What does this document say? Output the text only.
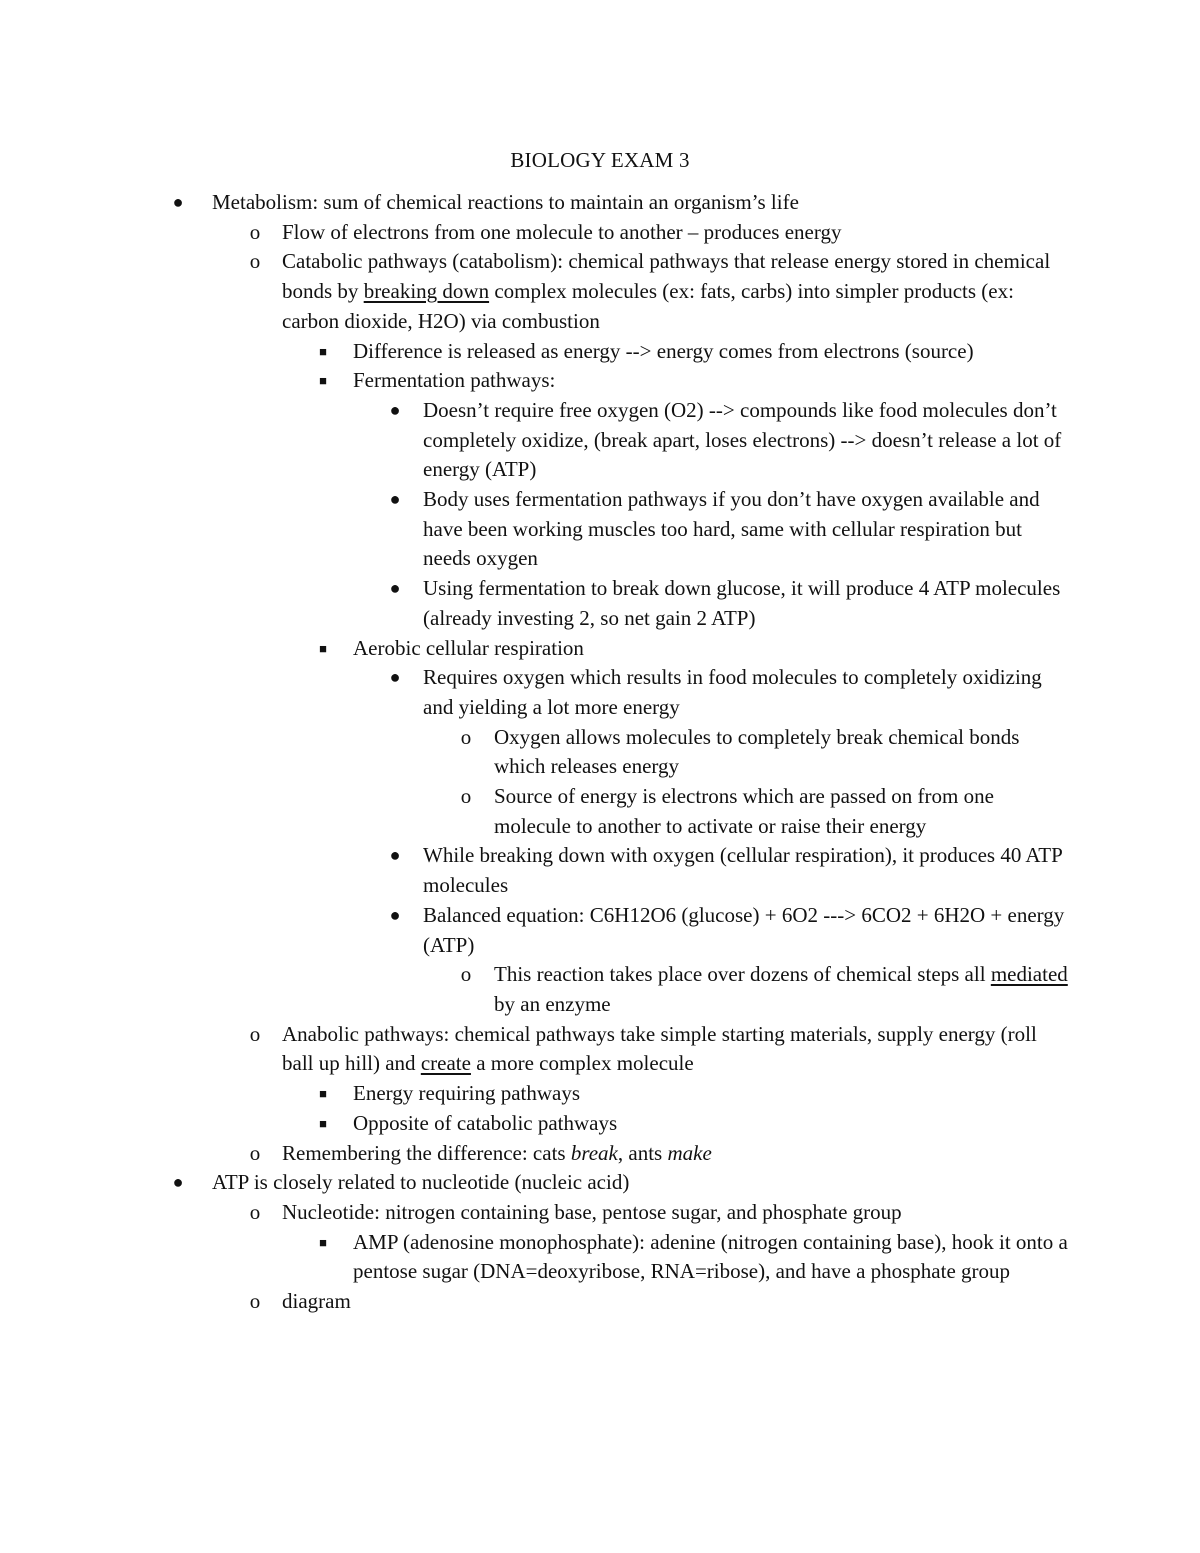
BIOLOGY EXAM 3
● Metabolism: sum of chemical reactions to maintain an organism’s life
o Flow of electrons from one molecule to another – produces energy
o Catabolic pathways (catabolism): chemical pathways that release energy stored in chemical bonds by breaking down complex molecules (ex: fats, carbs) into simpler products (ex: carbon dioxide, H2O) via combustion
■ Difference is released as energy --> energy comes from electrons (source)
■ Fermentation pathways:
● Doesn’t require free oxygen (O2) --> compounds like food molecules don’t completely oxidize, (break apart, loses electrons) --> doesn’t release a lot of energy (ATP)
● Body uses fermentation pathways if you don’t have oxygen available and have been working muscles too hard, same with cellular respiration but needs oxygen
● Using fermentation to break down glucose, it will produce 4 ATP molecules (already investing 2, so net gain 2 ATP)
■ Aerobic cellular respiration
● Requires oxygen which results in food molecules to completely oxidizing and yielding a lot more energy
o Oxygen allows molecules to completely break chemical bonds which releases energy
o Source of energy is electrons which are passed on from one molecule to another to activate or raise their energy
● While breaking down with oxygen (cellular respiration), it produces 40 ATP molecules
● Balanced equation: C6H12O6 (glucose) + 6O2 ---> 6CO2 + 6H2O + energy (ATP)
o This reaction takes place over dozens of chemical steps all mediated by an enzyme
o Anabolic pathways: chemical pathways take simple starting materials, supply energy (roll ball up hill) and create a more complex molecule
■ Energy requiring pathways
■ Opposite of catabolic pathways
o Remembering the difference: cats break, ants make
● ATP is closely related to nucleotide (nucleic acid)
o Nucleotide: nitrogen containing base, pentose sugar, and phosphate group
■ AMP (adenosine monophosphate): adenine (nitrogen containing base), hook it onto a pentose sugar (DNA=deoxyribose, RNA=ribose), and have a phosphate group
o diagram
